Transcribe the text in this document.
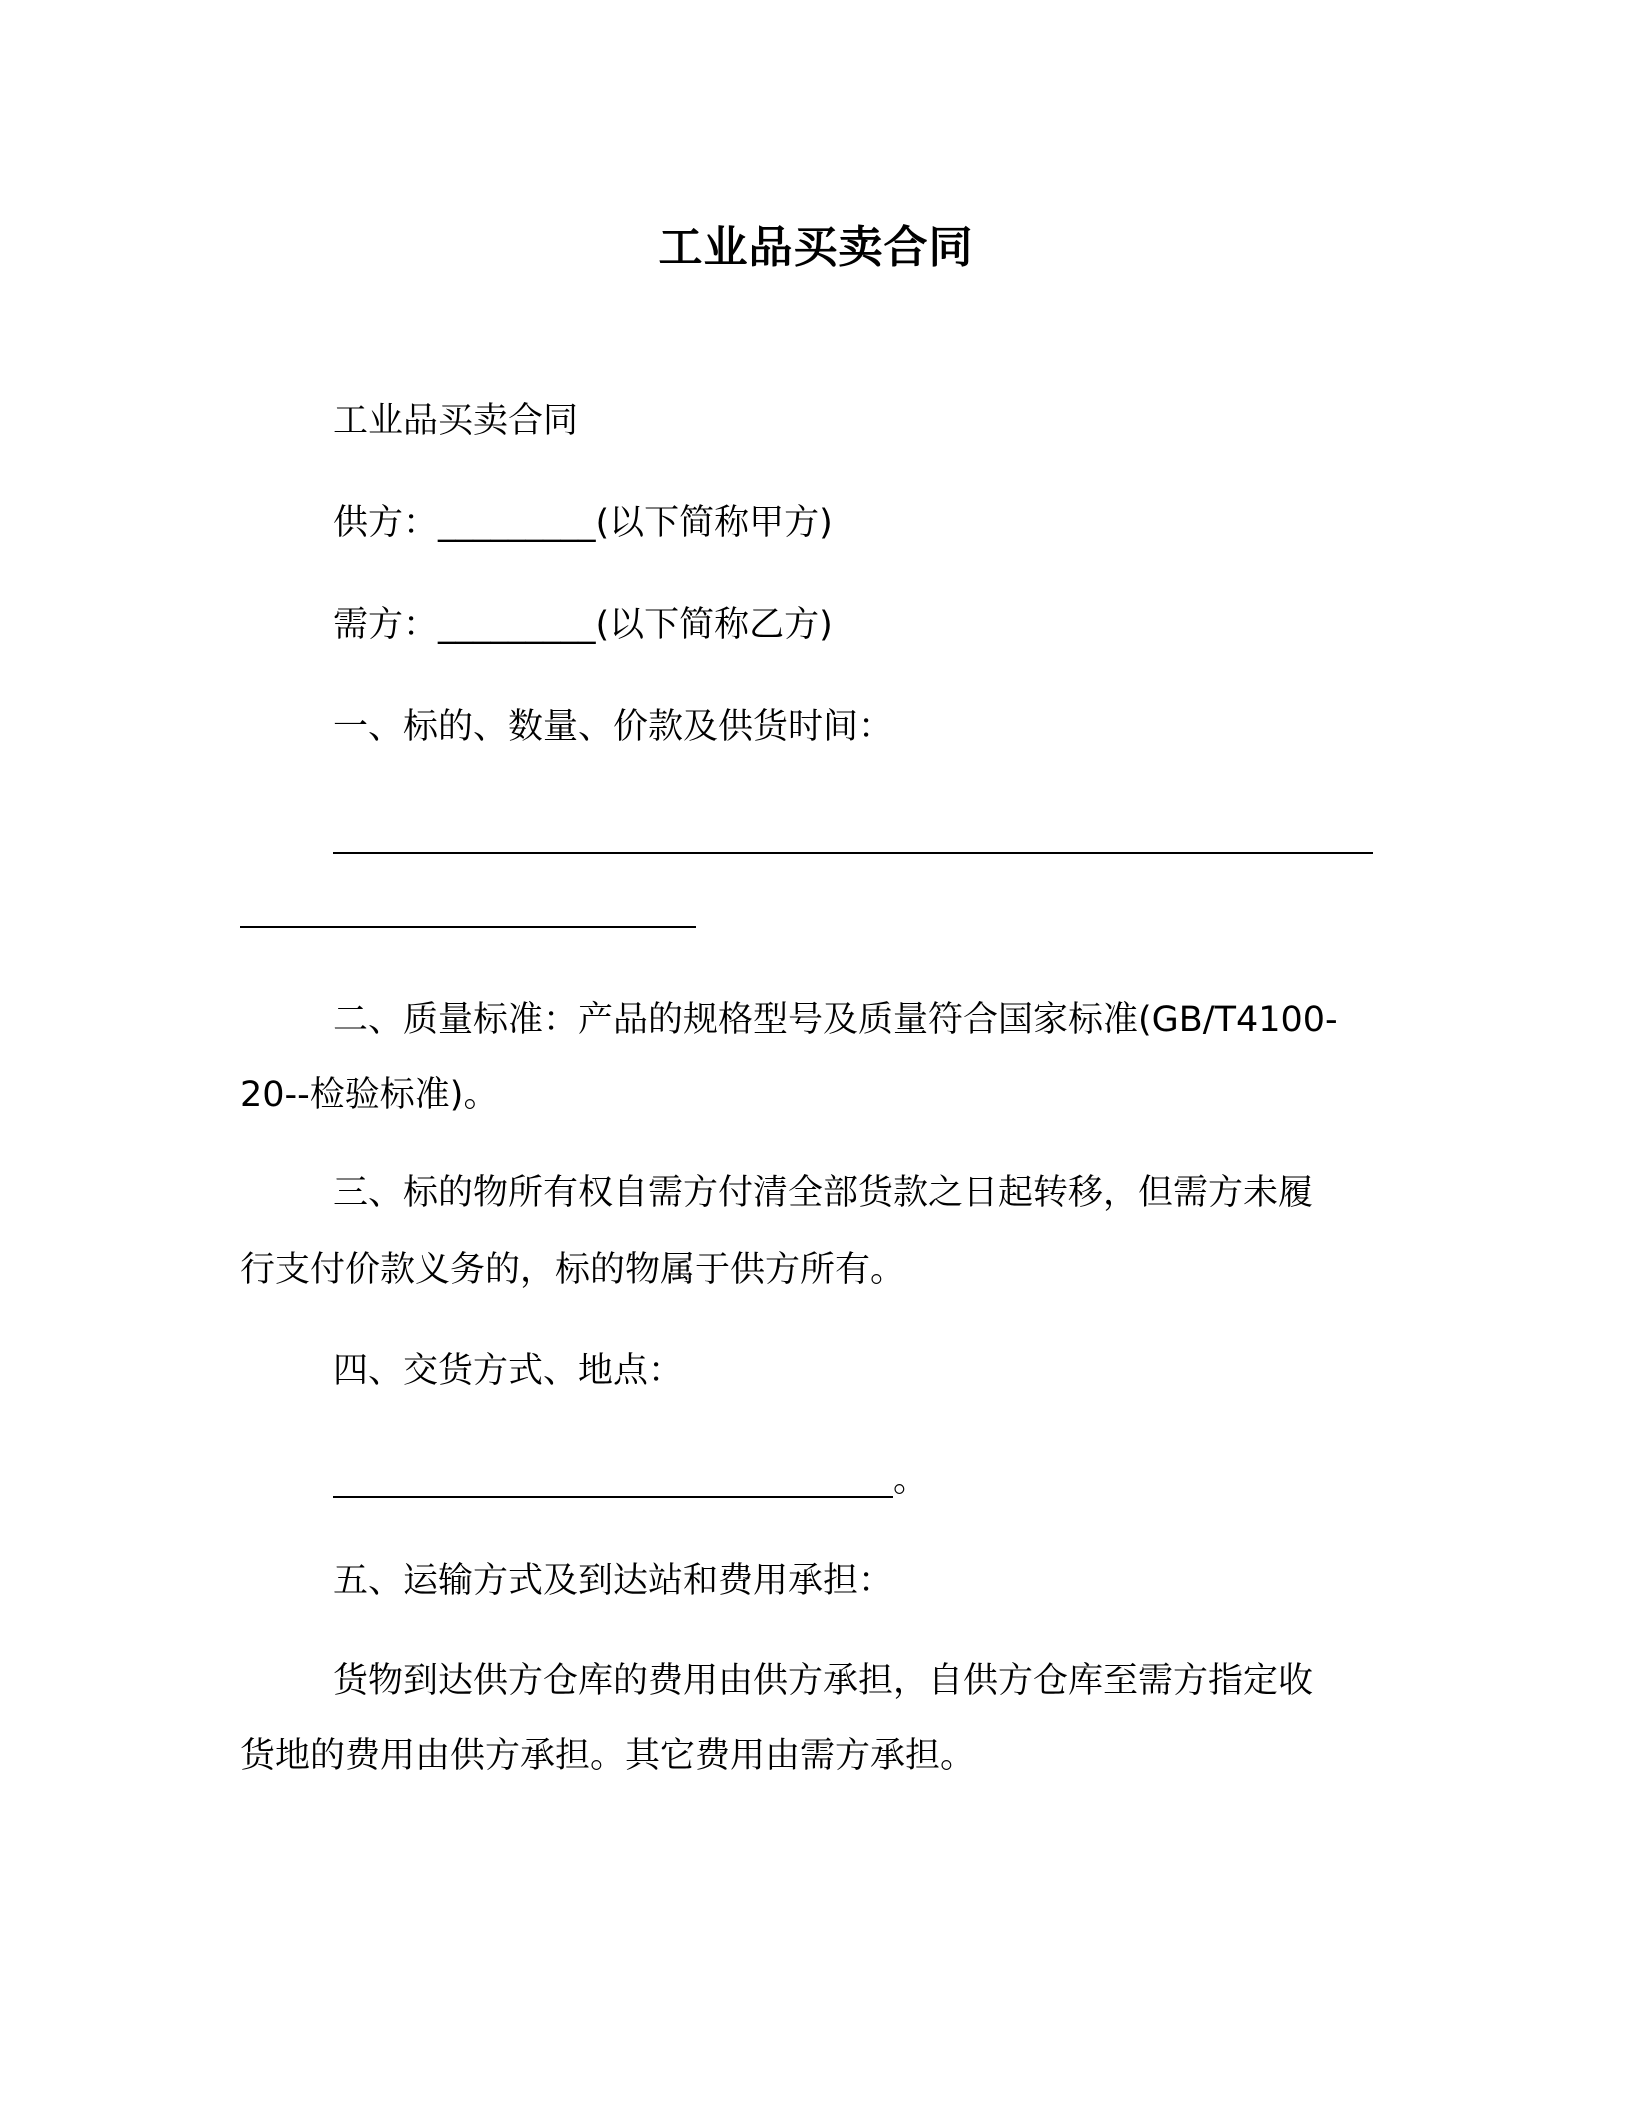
工业品买卖合同
工业品买卖合同
供方：_________(以下简称甲方)
需方：_________(以下简称乙方)
一、标的、数量、价款及供货时间：
二、质量标准：产品的规格型号及质量符合国家标准(GB/T4100-
20--检验标准)。
三、标的物所有权自需方付清全部货款之日起转移，但需方未履
行支付价款义务的，标的物属于供方所有。
四、交货方式、地点：
。
五、运输方式及到达站和费用承担：
货物到达供方仓库的费用由供方承担，自供方仓库至需方指定收
货地的费用由供方承担。其它费用由需方承担。
